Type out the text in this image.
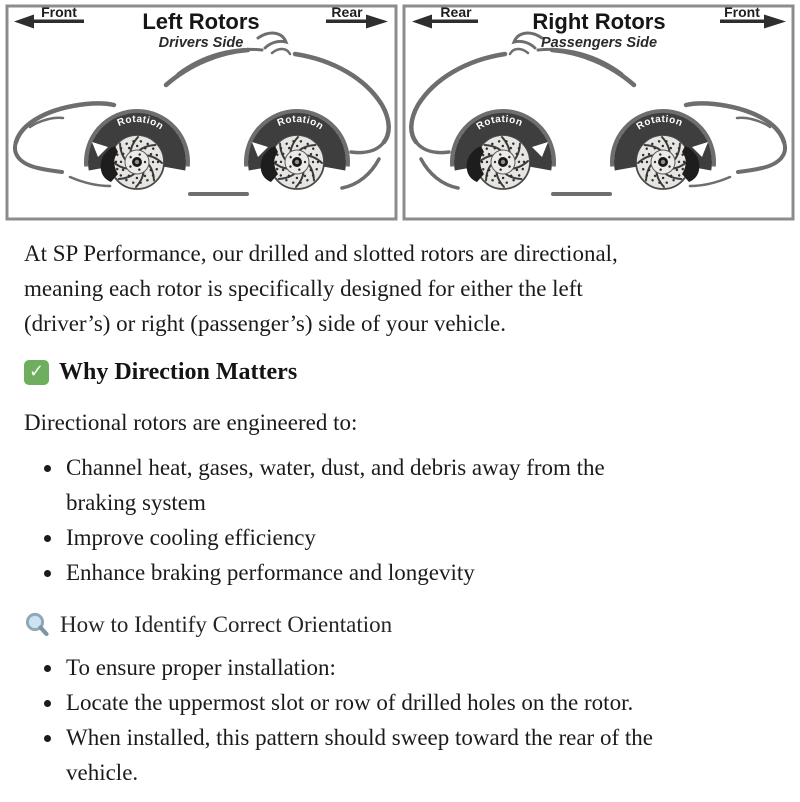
Rotation	Rotation
Front	Left Rotors
Drivers Side
Rear
Rotation	Rotation
Rear	Right Rotors
Passengers Side
Front

At SP Performance, our drilled and slotted rotors are directional,
meaning each rotor is specifically designed for either the left
(driver’s) or right (passenger’s) side of your vehicle.

✓ Why Direction Matters

Directional rotors are engineered to:

• Channel heat, gases, water, dust, and debris away from the
braking system
• Improve cooling efficiency
• Enhance braking performance and longevity
How to Identify Correct Orientation
• To ensure proper installation:
• Locate the uppermost slot or row of drilled holes on the rotor.
• When installed, this pattern should sweep toward the rear of the
vehicle.
